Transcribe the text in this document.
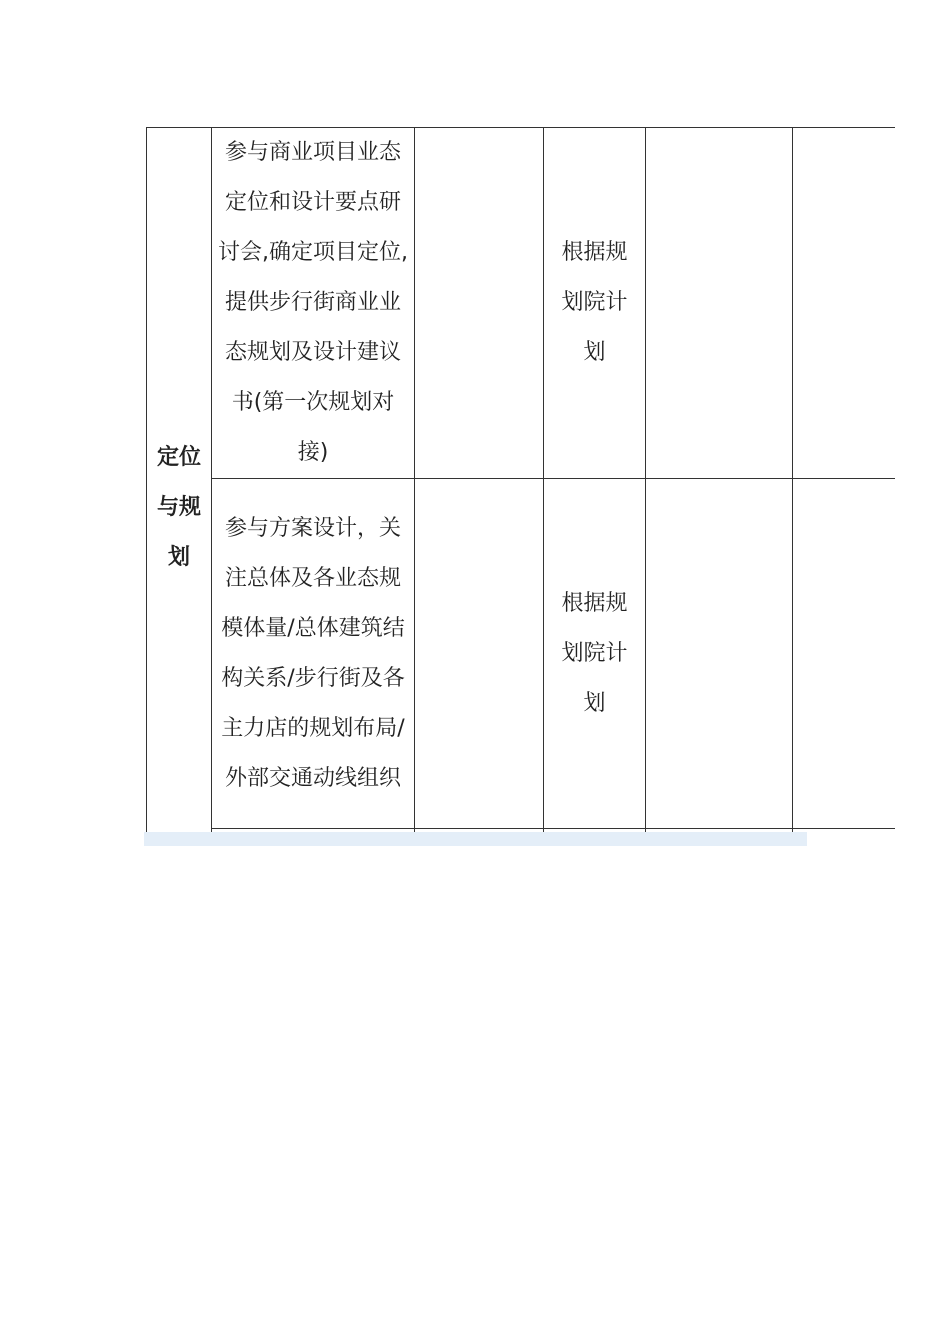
定位与规划	参与商业项目业态定位和设计要点研讨会,确定项目定位,提供步行街商业业态规划及设计建议书(第一次规划对接)		根据规划院计划		

	参与方案设计，关注总体及各业态规模体量/总体建筑结构关系/步行街及各主力店的规划布局/外部交通动线组织		根据规划院计划		
